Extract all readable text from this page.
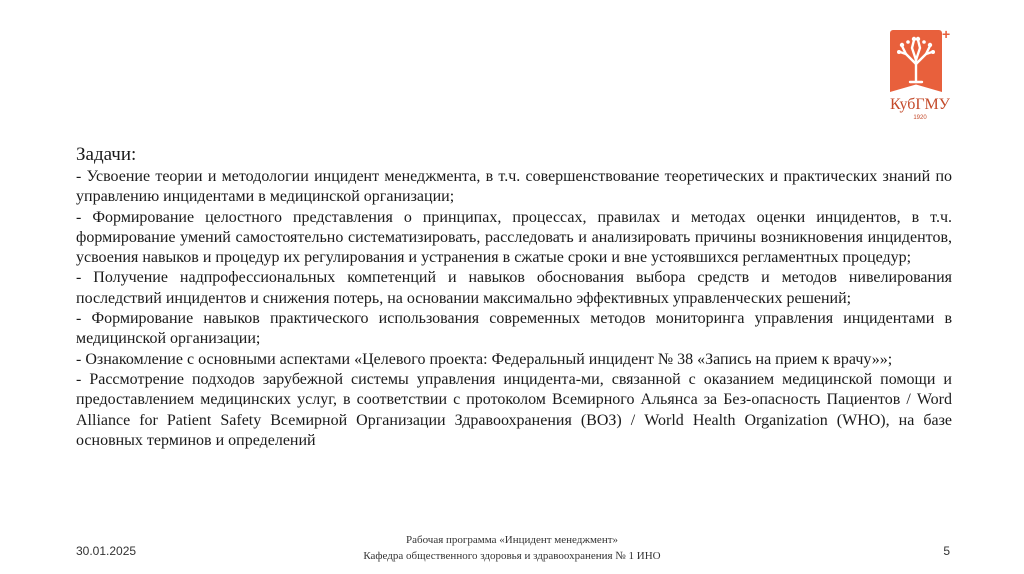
+
КубГМУ
1920

Задачи:

- Усвоение теории и методологии инцидент менеджмента, в т.ч. совершенствование теоретических и практических знаний по управлению инцидентами в медицинской организации;

- Формирование целостного представления о принципах, процессах, правилах и методах оценки инцидентов, в т.ч. формирование умений самостоятельно систематизировать, расследовать и анализировать причины возникновения инцидентов, усвоения навыков и процедур их регулирования и устранения в сжатые сроки и вне устоявшихся регламентных процедур;

- Получение надпрофессиональных компетенций и навыков обоснования выбора средств и методов нивелирования последствий инцидентов и снижения потерь, на основании максимально эффективных управленческих решений;

- Формирование навыков практического использования современных методов мониторинга управления инцидентами в медицинской организации;

- Ознакомление с основными аспектами «Целевого проекта: Федеральный инцидент № 38 «Запись на прием к врачу»»;

- Рассмотрение подходов зарубежной системы управления инцидента-ми, связанной с оказанием медицинской помощи и предоставлением медицинских услуг, в соответствии с протоколом Всемирного Альянса за Без-опасность Пациентов / Word Alliance for Patient Safety Всемирной Организации Здравоохранения (ВОЗ) / World Health Organization (WHO), на базе основных терминов и определений

30.01.2025
Рабочая программа «Инцидент менеджмент»
Кафедра общественного здоровья и здравоохранения № 1 ИНО	5
